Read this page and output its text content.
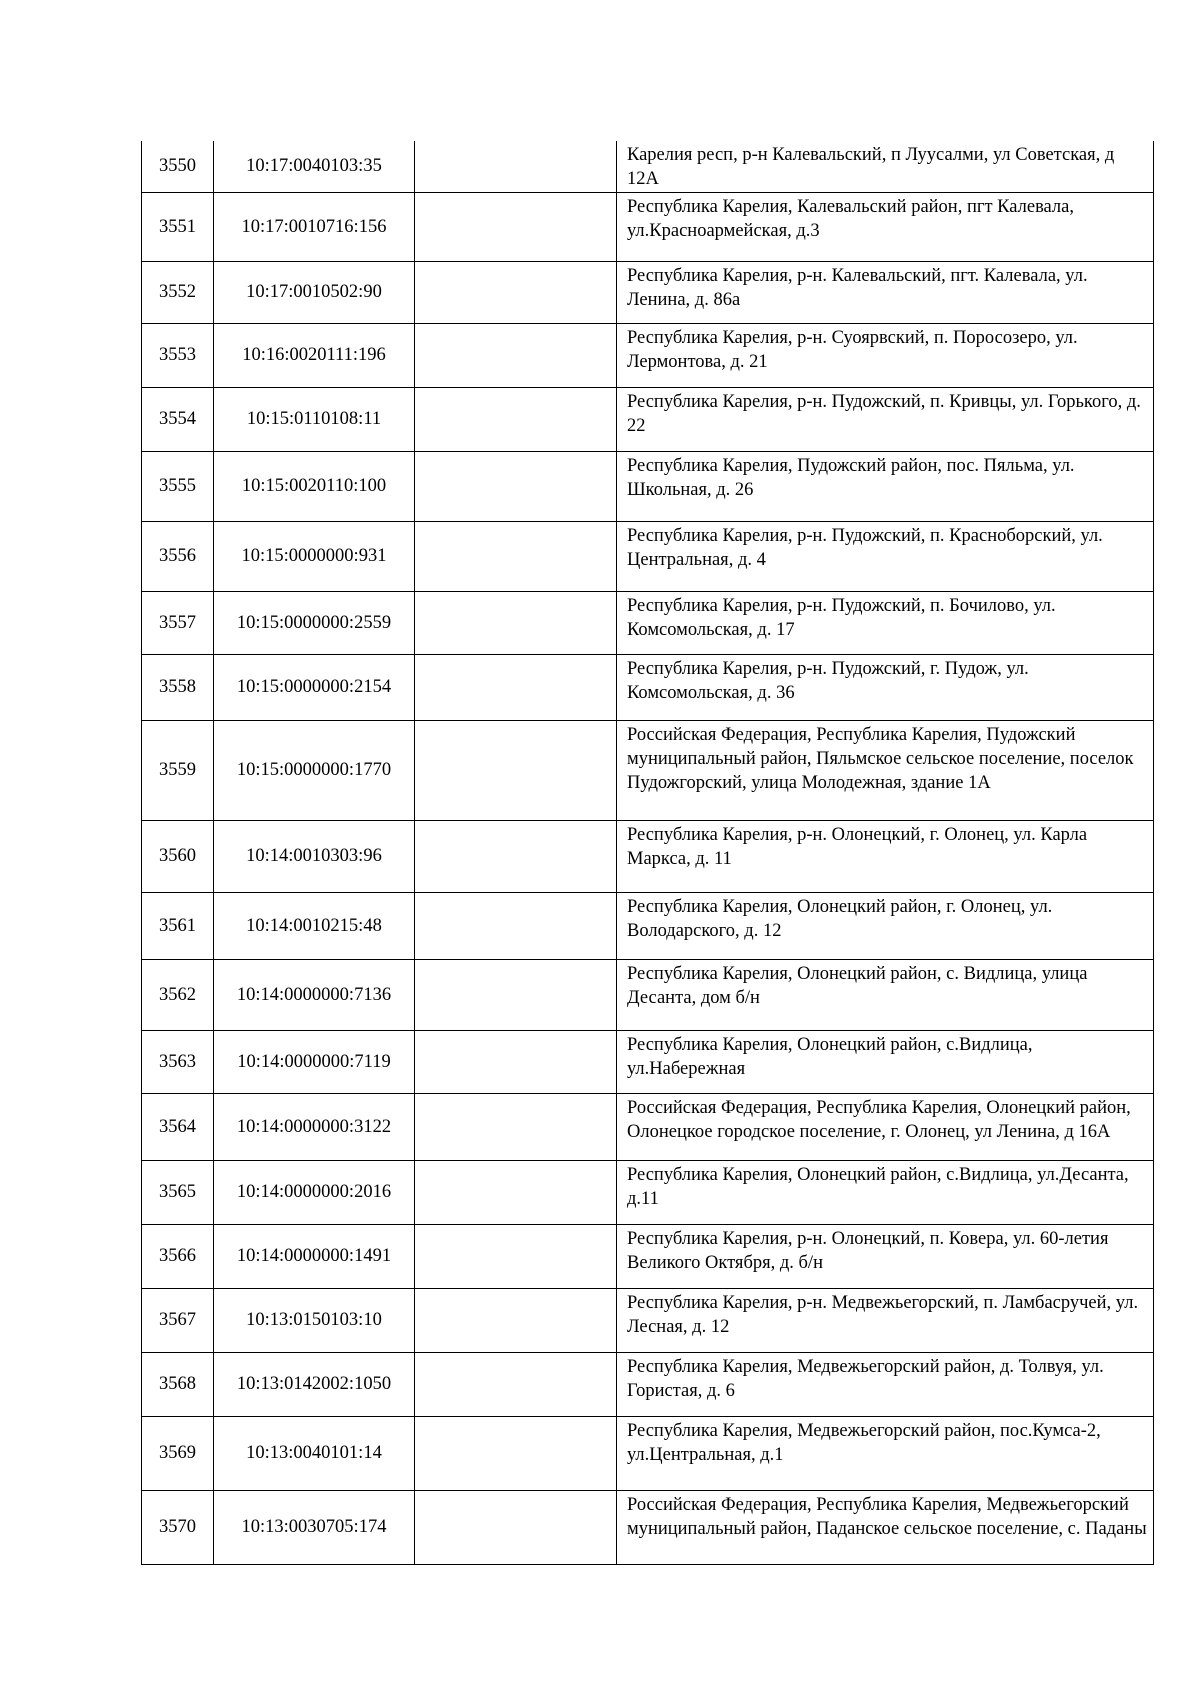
3550	10:17:0040103:35		Карелия респ, р-н Калевальский, п Луусалми, ул Советская, д 12А
3551	10:17:0010716:156		Республика Карелия, Калевальский район, пгт Калевала, ул.Красноармейская, д.3
3552	10:17:0010502:90		Республика Карелия, р-н. Калевальский, пгт. Калевала, ул. Ленина, д. 86а
3553	10:16:0020111:196		Республика Карелия, р-н. Суоярвский, п. Поросозеро, ул. Лермонтова, д. 21
3554	10:15:0110108:11		Республика Карелия, р-н. Пудожский, п. Кривцы, ул. Горького, д. 22
3555	10:15:0020110:100		Республика Карелия, Пудожский район, пос. Пяльма, ул. Школьная, д. 26
3556	10:15:0000000:931		Республика Карелия, р-н. Пудожский, п. Красноборский, ул. Центральная, д. 4
3557	10:15:0000000:2559		Республика Карелия, р-н. Пудожский, п. Бочилово, ул. Комсомольская, д. 17
3558	10:15:0000000:2154		Республика Карелия, р-н. Пудожский, г. Пудож, ул. Комсомольская, д. 36
3559	10:15:0000000:1770		Российская Федерация, Республика Карелия, Пудожский муниципальный район, Пяльмское сельское поселение, поселок Пудожгорский, улица Молодежная, здание 1А
3560	10:14:0010303:96		Республика Карелия, р-н. Олонецкий, г. Олонец, ул. Карла Маркса, д. 11
3561	10:14:0010215:48		Республика Карелия, Олонецкий район, г. Олонец, ул. Володарского, д. 12
3562	10:14:0000000:7136		Республика Карелия, Олонецкий район, с. Видлица, улица Десанта, дом б/н
3563	10:14:0000000:7119		Республика Карелия, Олонецкий район, с.Видлица, ул.Набережная
3564	10:14:0000000:3122		Российская Федерация, Республика Карелия, Олонецкий район, Олонецкое городское поселение, г. Олонец, ул Ленина, д 16А
3565	10:14:0000000:2016		Республика Карелия, Олонецкий район, с.Видлица, ул.Десанта, д.11
3566	10:14:0000000:1491		Республика Карелия, р-н. Олонецкий, п. Ковера, ул. 60-летия Великого Октября, д. б/н
3567	10:13:0150103:10		Республика Карелия, р-н. Медвежьегорский, п. Ламбасручей, ул. Лесная, д. 12
3568	10:13:0142002:1050		Республика Карелия, Медвежьегорский район, д. Толвуя, ул. Гористая, д. 6
3569	10:13:0040101:14		Республика Карелия, Медвежьегорский район, пос.Кумса-2, ул.Центральная, д.1
3570	10:13:0030705:174		Российская Федерация, Республика Карелия, Медвежьегорский муниципальный район, Паданское сельское поселение, с. Паданы
